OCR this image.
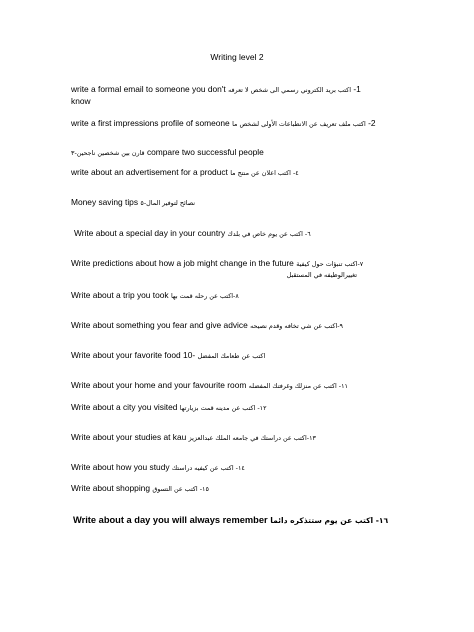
Writing level 2
write a formal email to someone you don't اكتب بريد الكتروني رسمي الى شخص لا تعرفه -1
know
write a first impressions profile of someone اكتب ملف تعريف عن الانطباعات الأولى لشخص ما -2
قارن بين شخصين ناجحين-٣ compare two successful people
write about an advertisement for a product ٤- اكتب اعلان عن منتج ما
Money saving tips نصائح لتوفير المال-٥
Write about a special day in your country ٦- اكتب عن يوم خاص في بلدك
Write predictions about how a job might change in the future ٧-اكتب تنبؤات حول كيفية
تغييرالوظيفه في المستقبل
Write about a trip you took ٨-اكتب عن رحله قمت بها
Write about something you fear and give advice ٩-اكتب عن شي تخافه وقدم نصيحه
Write about your favorite food 10- اكتب عن طعامك المفضل
Write about your home and your favourite room ١١- اكتب عن منزلك وغرفتك المفضله
Write about a city you visited ١٢- اكتب عن مدينه قمت بزيارتها
Write about your studies at kau ١٣-اكتب عن دراستك في جامعه الملك عبدالعزيز
Write about how you study ١٤- اكتب عن كيفيه دراستك
Write about shopping ١٥- اكتب عن التسوق
Write about a day you will always remember ١٦- اكتب عن يوم ستتذكره دائما
